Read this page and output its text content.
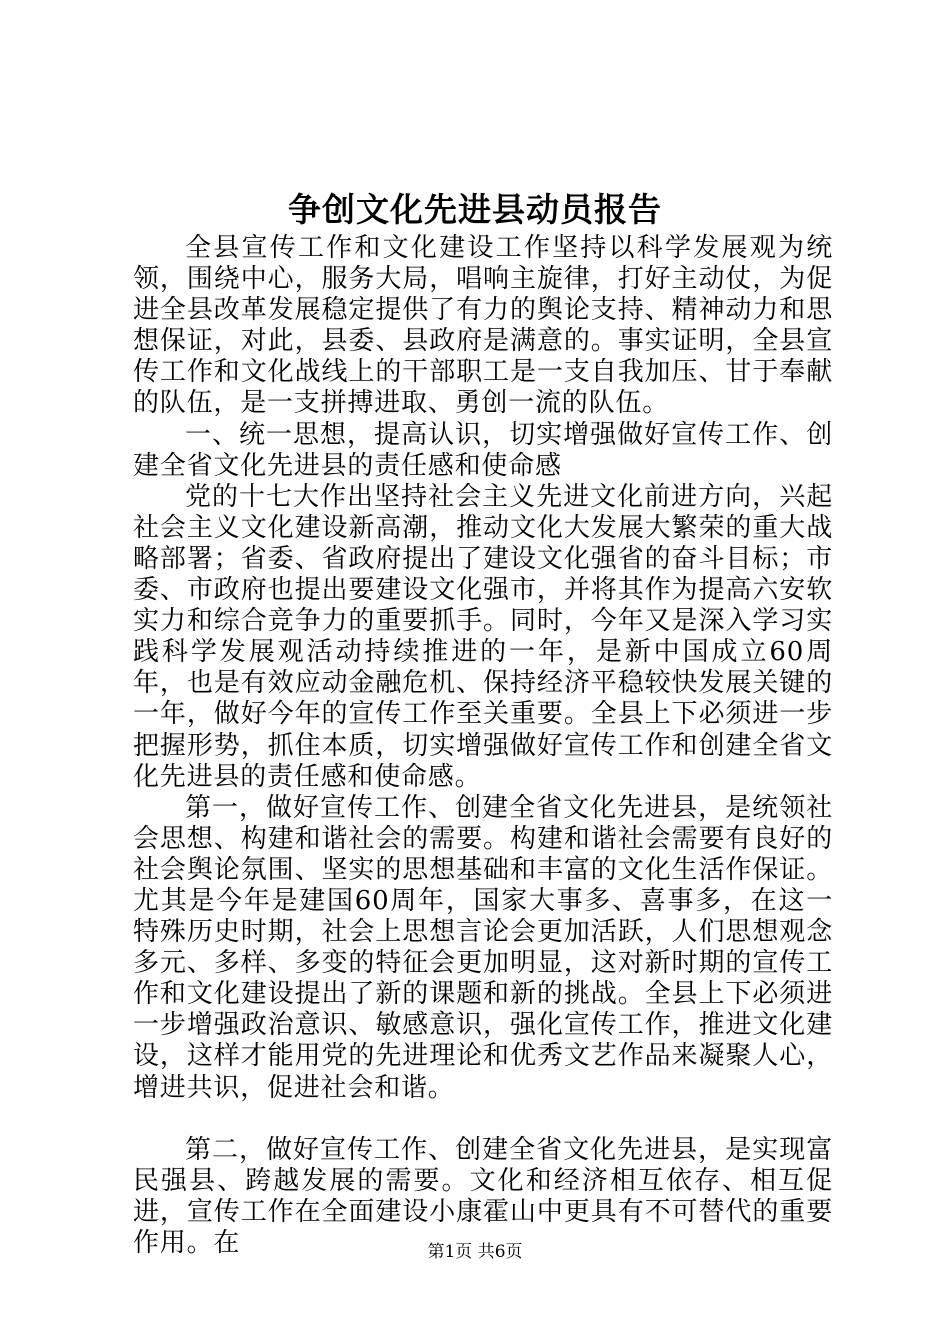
争创文化先进县动员报告

全县宣传工作和文化建设工作坚持以科学发展观为统领，围绕中心，服务大局，唱响主旋律，打好主动仗，为促进全县改革发展稳定提供了有力的舆论支持、精神动力和思想保证，对此，县委、县政府是满意的。事实证明，全县宣传工作和文化战线上的干部职工是一支自我加压、甘于奉献的队伍，是一支拼搏进取、勇创一流的队伍。

一、统一思想，提高认识，切实增强做好宣传工作、创建全省文化先进县的责任感和使命感

党的十七大作出坚持社会主义先进文化前进方向，兴起社会主义文化建设新高潮，推动文化大发展大繁荣的重大战略部署；省委、省政府提出了建设文化强省的奋斗目标；市委、市政府也提出要建设文化强市，并将其作为提高六安软实力和综合竞争力的重要抓手。同时，今年又是深入学习实践科学发展观活动持续推进的一年，是新中国成立60周年，也是有效应动金融危机、保持经济平稳较快发展关键的一年，做好今年的宣传工作至关重要。全县上下必须进一步把握形势，抓住本质，切实增强做好宣传工作和创建全省文化先进县的责任感和使命感。

第一，做好宣传工作、创建全省文化先进县，是统领社会思想、构建和谐社会的需要。构建和谐社会需要有良好的社会舆论氛围、坚实的思想基础和丰富的文化生活作保证。尤其是今年是建国60周年，国家大事多、喜事多，在这一特殊历史时期，社会上思想言论会更加活跃，人们思想观念多元、多样、多变的特征会更加明显，这对新时期的宣传工作和文化建设提出了新的课题和新的挑战。全县上下必须进一步增强政治意识、敏感意识，强化宣传工作，推进文化建设，这样才能用党的先进理论和优秀文艺作品来凝聚人心，增进共识，促进社会和谐。

第二，做好宣传工作、创建全省文化先进县，是实现富民强县、跨越发展的需要。文化和经济相互依存、相互促进，宣传工作在全面建设小康霍山中更具有不可替代的重要作用。在	第1页 共6页
